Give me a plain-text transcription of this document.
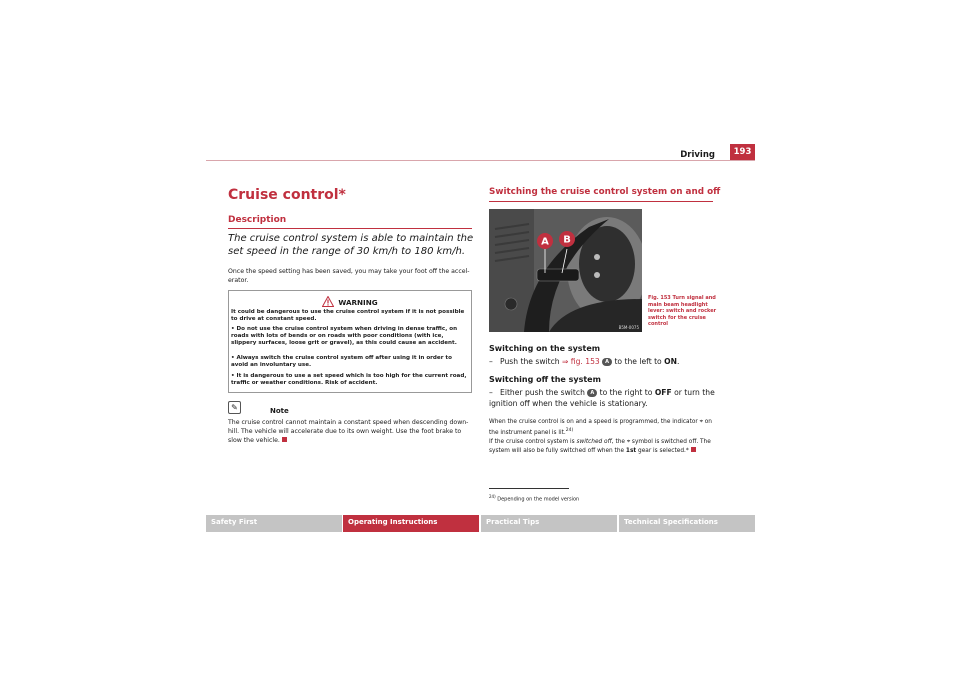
Driving	193
Cruise control*
Description
The cruise control system is able to maintain the set speed in the range of 30 km/h to 180 km/h.
Once the speed setting has been saved, you may take your foot off the accel-erator.
WARNING
It could be dangerous to use the cruise control system if it is not possible to drive at constant speed.
• Do not use the cruise control system when driving in dense traffic, on roads with lots of bends or on roads with poor conditions (with ice, slippery surfaces, loose grit or gravel), as this could cause an accident.
• Always switch the cruise control system off after using it in order to avoid an involuntary use.
• It is dangerous to use a set speed which is too high for the current road, traffic or weather conditions. Risk of accident.
✎	Note
The cruise control cannot maintain a constant speed when descending down-hill. The vehicle will accelerate due to its own weight. Use the foot brake to slow the vehicle.
Switching the cruise control system on and off
A B
B5M-0075
Fig. 153 Turn signal and main beam headlight lever: switch and rocker switch for the cruise control
Switching on the system
– Push the switch ⇒ fig. 153 A to the left to ON.
Switching off the system
– Either push the switch A to the right to OFF or turn the ignition off when the vehicle is stationary.
When the cruise control is on and a speed is programmed, the indicator ⌖ on the instrument panel is lit.$^{24)}$
If the cruise control system is switched off, the ⌖ symbol is switched off. The system will also be fully switched off when the 1st gear is selected.*
$^{24)}$ Depending on the model version
Safety First	Operating Instructions	Practical Tips	Technical Specifications
